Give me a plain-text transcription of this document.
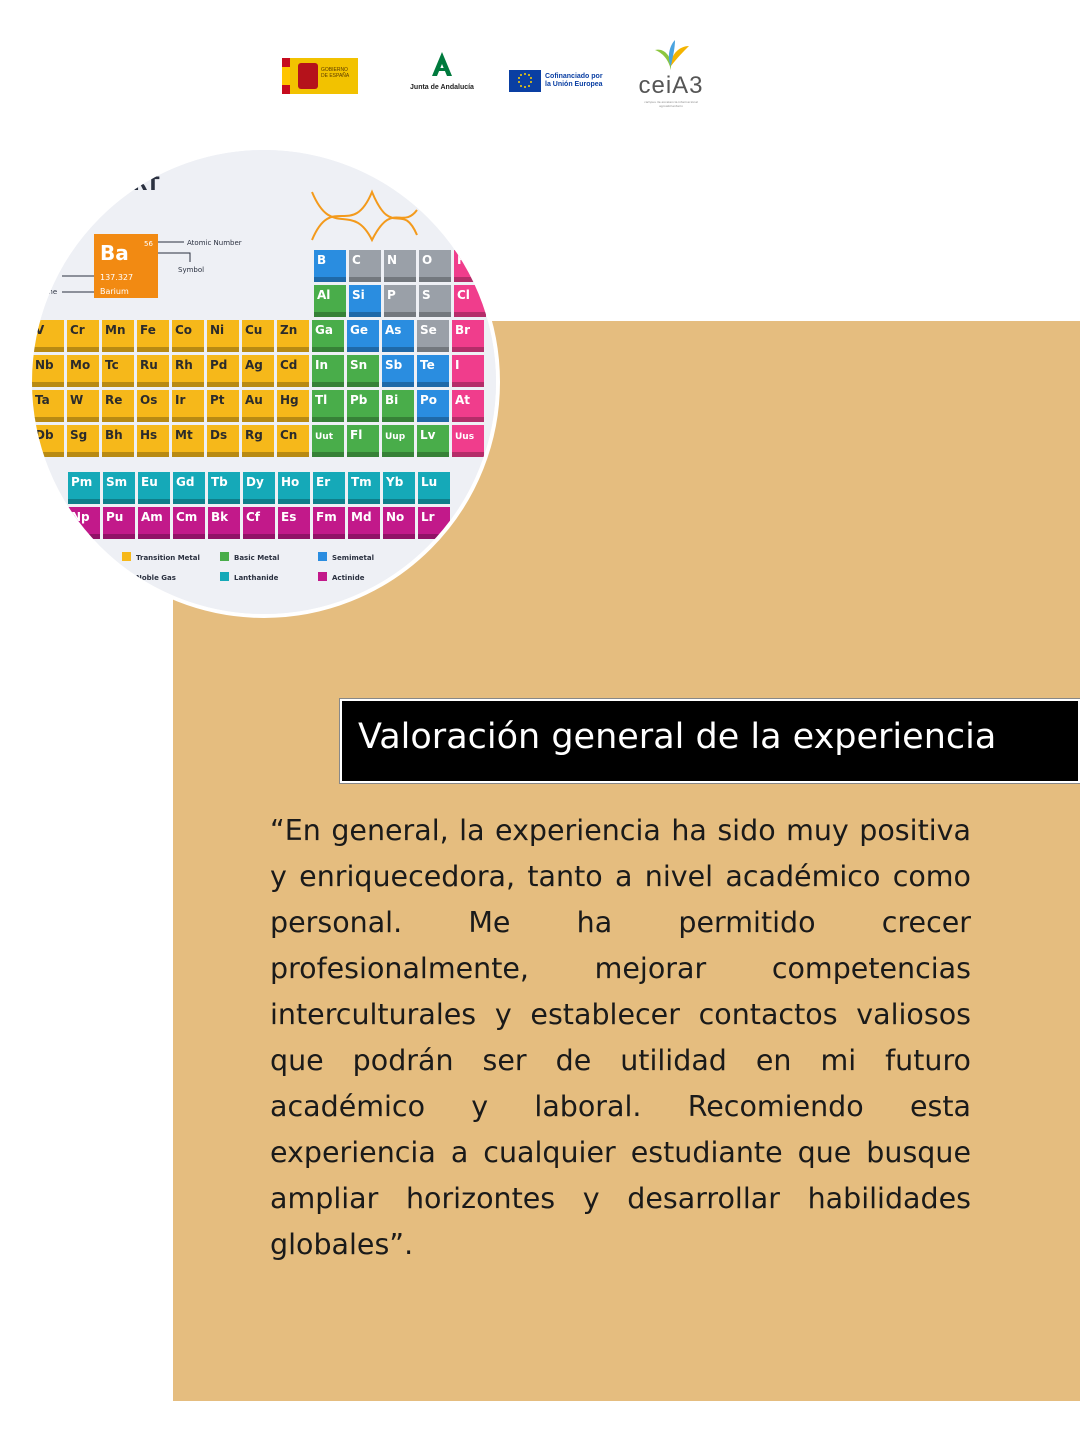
GOBIERNO DE ESPAÑA
Junta de Andalucía
Cofinanciado por
la Unión Europea ceiA3
campus de excelencia internacional agroalimentario
ART
Ba 56
137.327
Barium
Atomic Number
Symbol
s
me
B C N O F
Al Si P S Cl
V Cr Mn Fe Co Ni Cu Zn Ga Ge As Se Br
Nb Mo Tc Ru Rh Pd Ag Cd In Sn Sb Te I
Ta W Re Os Ir Pt Au Hg Tl Pb Bi Po At
Db Sg Bh Hs Mt Ds Rg Cn Uut Fl	Uup Lv Uus
Pm Sm Eu Gd Tb Dy Ho Er Tm Yb Lu
Np Pu Am Cm Bk Cf Es Fm Md No Lr
Transition Metal	Basic Metal	Semimetal
Noble Gas	Lanthanide	Actinide
Valoración general de la experiencia

“En general, la experiencia ha sido muy positiva y enriquecedora, tanto a nivel académico como personal. Me ha permitido crecer profesionalmente, mejorar competencias interculturales y establecer contactos valiosos que podrán ser de utilidad en mi futuro académico y laboral. Recomiendo esta experiencia a cualquier estudiante que busque ampliar horizontes y desarrollar habilidades globales”.
